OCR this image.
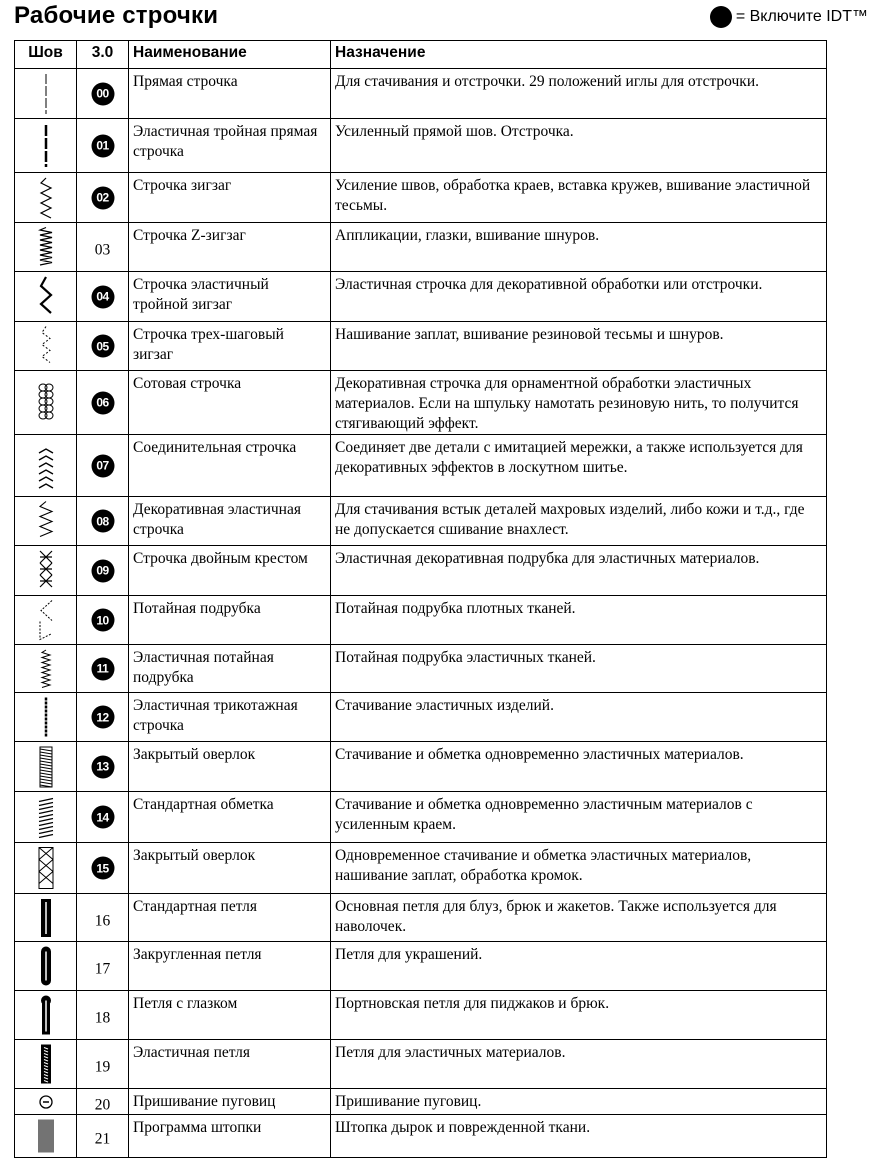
Рабочие строчки	= Включите IDT™
Шов	3.0	Наименование	Назначение

00	Прямая строчка	Для стачивания и отстрочки. 29 положений иглы для отстрочки.

01	Эластичная тройная прямая строчка	Усиленный прямой шов. Отстрочка.

02	Строчка зигзаг	Усиление швов, обработка краев, вставка кружев, вшивание эластичной тесьмы.

03	Строчка Z-зигзаг	Аппликации, глазки, вшивание шнуров.

04	Строчка эластичный тройной зигзаг	Эластичная строчка для декоративной обработки или отстрочки.

05	Строчка трех-шаговый зигзаг	Нашивание заплат, вшивание резиновой тесьмы и шнуров.

06	Сотовая строчка	Декоративная строчка для орнаментной обработки эластичных материалов. Если на шпульку намотать резиновую нить, то получится стягивающий эффект.

07	Соединительная строчка	Соединяет две детали с имитацией мережки, а также используется для декоративных эффектов в лоскутном шитье.

08	Декоративная эластичная строчка	Для стачивания встык деталей махровых изделий, либо кожи и т.д., где не допускается сшивание внахлест.

09	Строчка двойным крестом	Эластичная декоративная подрубка для эластичных материалов.

10	Потайная подрубка	Потайная подрубка плотных тканей.

11	Эластичная потайная подрубка	Потайная подрубка эластичных тканей.

12	Эластичная трикотажная строчка	Стачивание эластичных изделий.

13	Закрытый оверлок	Стачивание и обметка одновременно эластичных материалов.

14	Стандартная обметка	Стачивание и обметка одновременно эластичным материалов с усиленным краем.

15	Закрытый оверлок	Одновременное стачивание и обметка эластичных материалов, нашивание заплат, обработка кромок.

16	Стандартная петля	Основная петля для блуз, брюк и жакетов. Также используется для наволочек.

17	Закругленная петля	Петля для украшений.

18	Петля с глазком	Портновская петля для пиджаков и брюк.

19	Эластичная петля	Петля для эластичных материалов.

20	Пришивание пуговиц	Пришивание пуговиц.

21	Программа штопки	Штопка дырок и поврежденной ткани.
